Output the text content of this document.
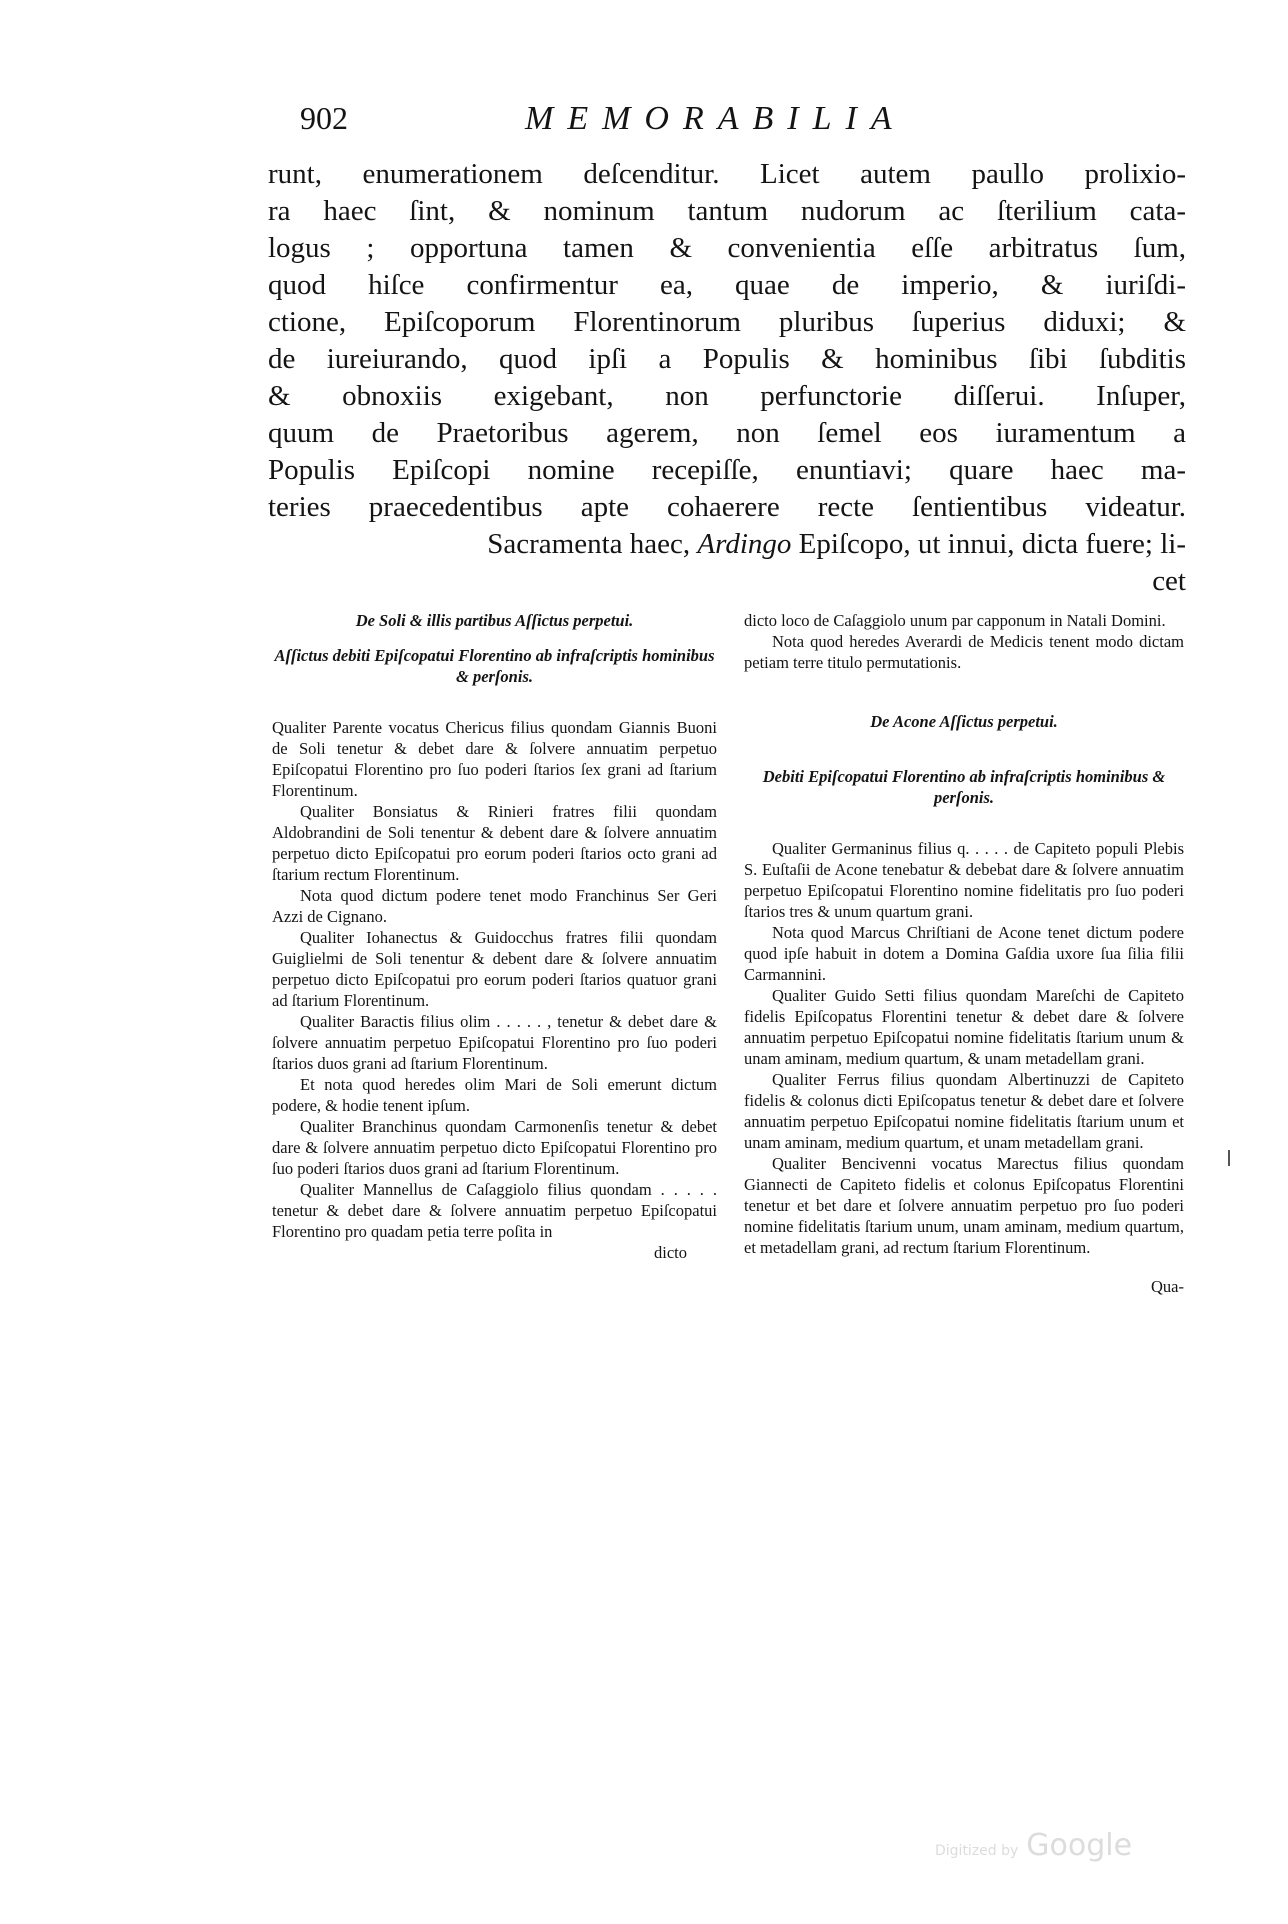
902	MEMORABILIA
runt, enumerationem deſcenditur. Licet autem paullo prolixio-
ra haec ſint, & nominum tantum nudorum ac ſterilium cata-
logus ; opportuna tamen & convenientia eſſe arbitratus ſum,
quod hiſce confirmentur ea, quae de imperio, & iuriſdi-
ctione, Epiſcoporum Florentinorum pluribus ſuperius diduxi; &
de iureiurando, quod ipſi a Populis & hominibus ſibi ſubditis
& obnoxiis exigebant, non perfunctorie diſſerui. Inſuper,
quum de Praetoribus agerem, non ſemel eos iuramentum a
Populis Epiſcopi nomine recepiſſe, enuntiavi; quare haec ma-
teries praecedentibus apte cohaerere recte ſentientibus videatur.
Sacramenta haec, Ardingo Epiſcopo, ut innui, dicta fuere; li-
cet

De Soli & illis partibus Aſſictus perpetui.

Aſſictus debiti Epiſcopatui Florentino ab infraſcriptis hominibus & perſonis.

Qualiter Parente vocatus Chericus filius quondam Giannis Buoni de Soli tenetur & debet dare & ſolvere annuatim perpetuo Epiſcopatui Florentino pro ſuo poderi ſtarios ſex grani ad ſtarium Florentinum.

Qualiter Bonsiatus & Rinieri fratres filii quondam Aldobrandini de Soli tenentur & debent dare & ſolvere annuatim perpetuo dicto Epiſcopatui pro eorum poderi ſtarios octo grani ad ſtarium rectum Florentinum.

Nota quod dictum podere tenet modo Franchinus Ser Geri Azzi de Cignano.

Qualiter Iohanectus & Guidocchus fratres filii quondam Guiglielmi de Soli tenentur & debent dare & ſolvere annuatim perpetuo dicto Epiſcopatui pro eorum poderi ſtarios quatuor grani ad ſtarium Florentinum.

Qualiter Baractis filius olim . . . . . , tenetur & debet dare & ſolvere annuatim perpetuo Epiſcopatui Florentino pro ſuo poderi ſtarios duos grani ad ſtarium Florentinum.

Et nota quod heredes olim Mari de Soli emerunt dictum podere, & hodie tenent ipſum.

Qualiter Branchinus quondam Carmonenſis tenetur & debet dare & ſolvere annuatim perpetuo dicto Epiſcopatui Florentino pro ſuo poderi ſtarios duos grani ad ſtarium Florentinum.

Qualiter Mannellus de Caſaggiolo filius quondam . . . . . tenetur & debet dare & ſolvere annuatim perpetuo Epiſcopatui Florentino pro quadam petia terre poſita in

dicto

dicto loco de Caſaggiolo unum par capponum in Natali Domini.

Nota quod heredes Averardi de Medicis tenent modo dictam petiam terre titulo permutationis.

De Acone Aſſictus perpetui.

Debiti Epiſcopatui Florentino ab infraſcriptis hominibus & perſonis.

Qualiter Germaninus filius q. . . . . de Capiteto populi Plebis S. Euſtaſii de Acone tenebatur & debebat dare & ſolvere annuatim perpetuo Epiſcopatui Florentino nomine fidelitatis pro ſuo poderi ſtarios tres & unum quartum grani.

Nota quod Marcus Chriſtiani de Acone tenet dictum podere quod ipſe habuit in dotem a Domina Gaſdia uxore ſua ſilia filii Carmannini.

Qualiter Guido Setti filius quondam Mareſchi de Capiteto fidelis Epiſcopatus Florentini tenetur & debet dare & ſolvere annuatim perpetuo Epiſcopatui nomine fidelitatis ſtarium unum & unam aminam, medium quartum, & unam metadellam grani.

Qualiter Ferrus filius quondam Albertinuzzi de Capiteto fidelis & colonus dicti Epiſcopatus tenetur & debet dare et ſolvere annuatim perpetuo Epiſcopatui nomine fidelitatis ſtarium unum et unam aminam, medium quartum, et unam metadellam grani.

Qualiter Bencivenni vocatus Marectus filius quondam Giannecti de Capiteto fidelis et colonus Epiſcopatus Florentini tenetur et bet dare et ſolvere annuatim perpetuo pro ſuo poderi nomine fidelitatis ſtarium unum, unam aminam, medium quartum, et metadellam grani, ad rectum ſtarium Florentinum.

Qua-

Digitized by Google
